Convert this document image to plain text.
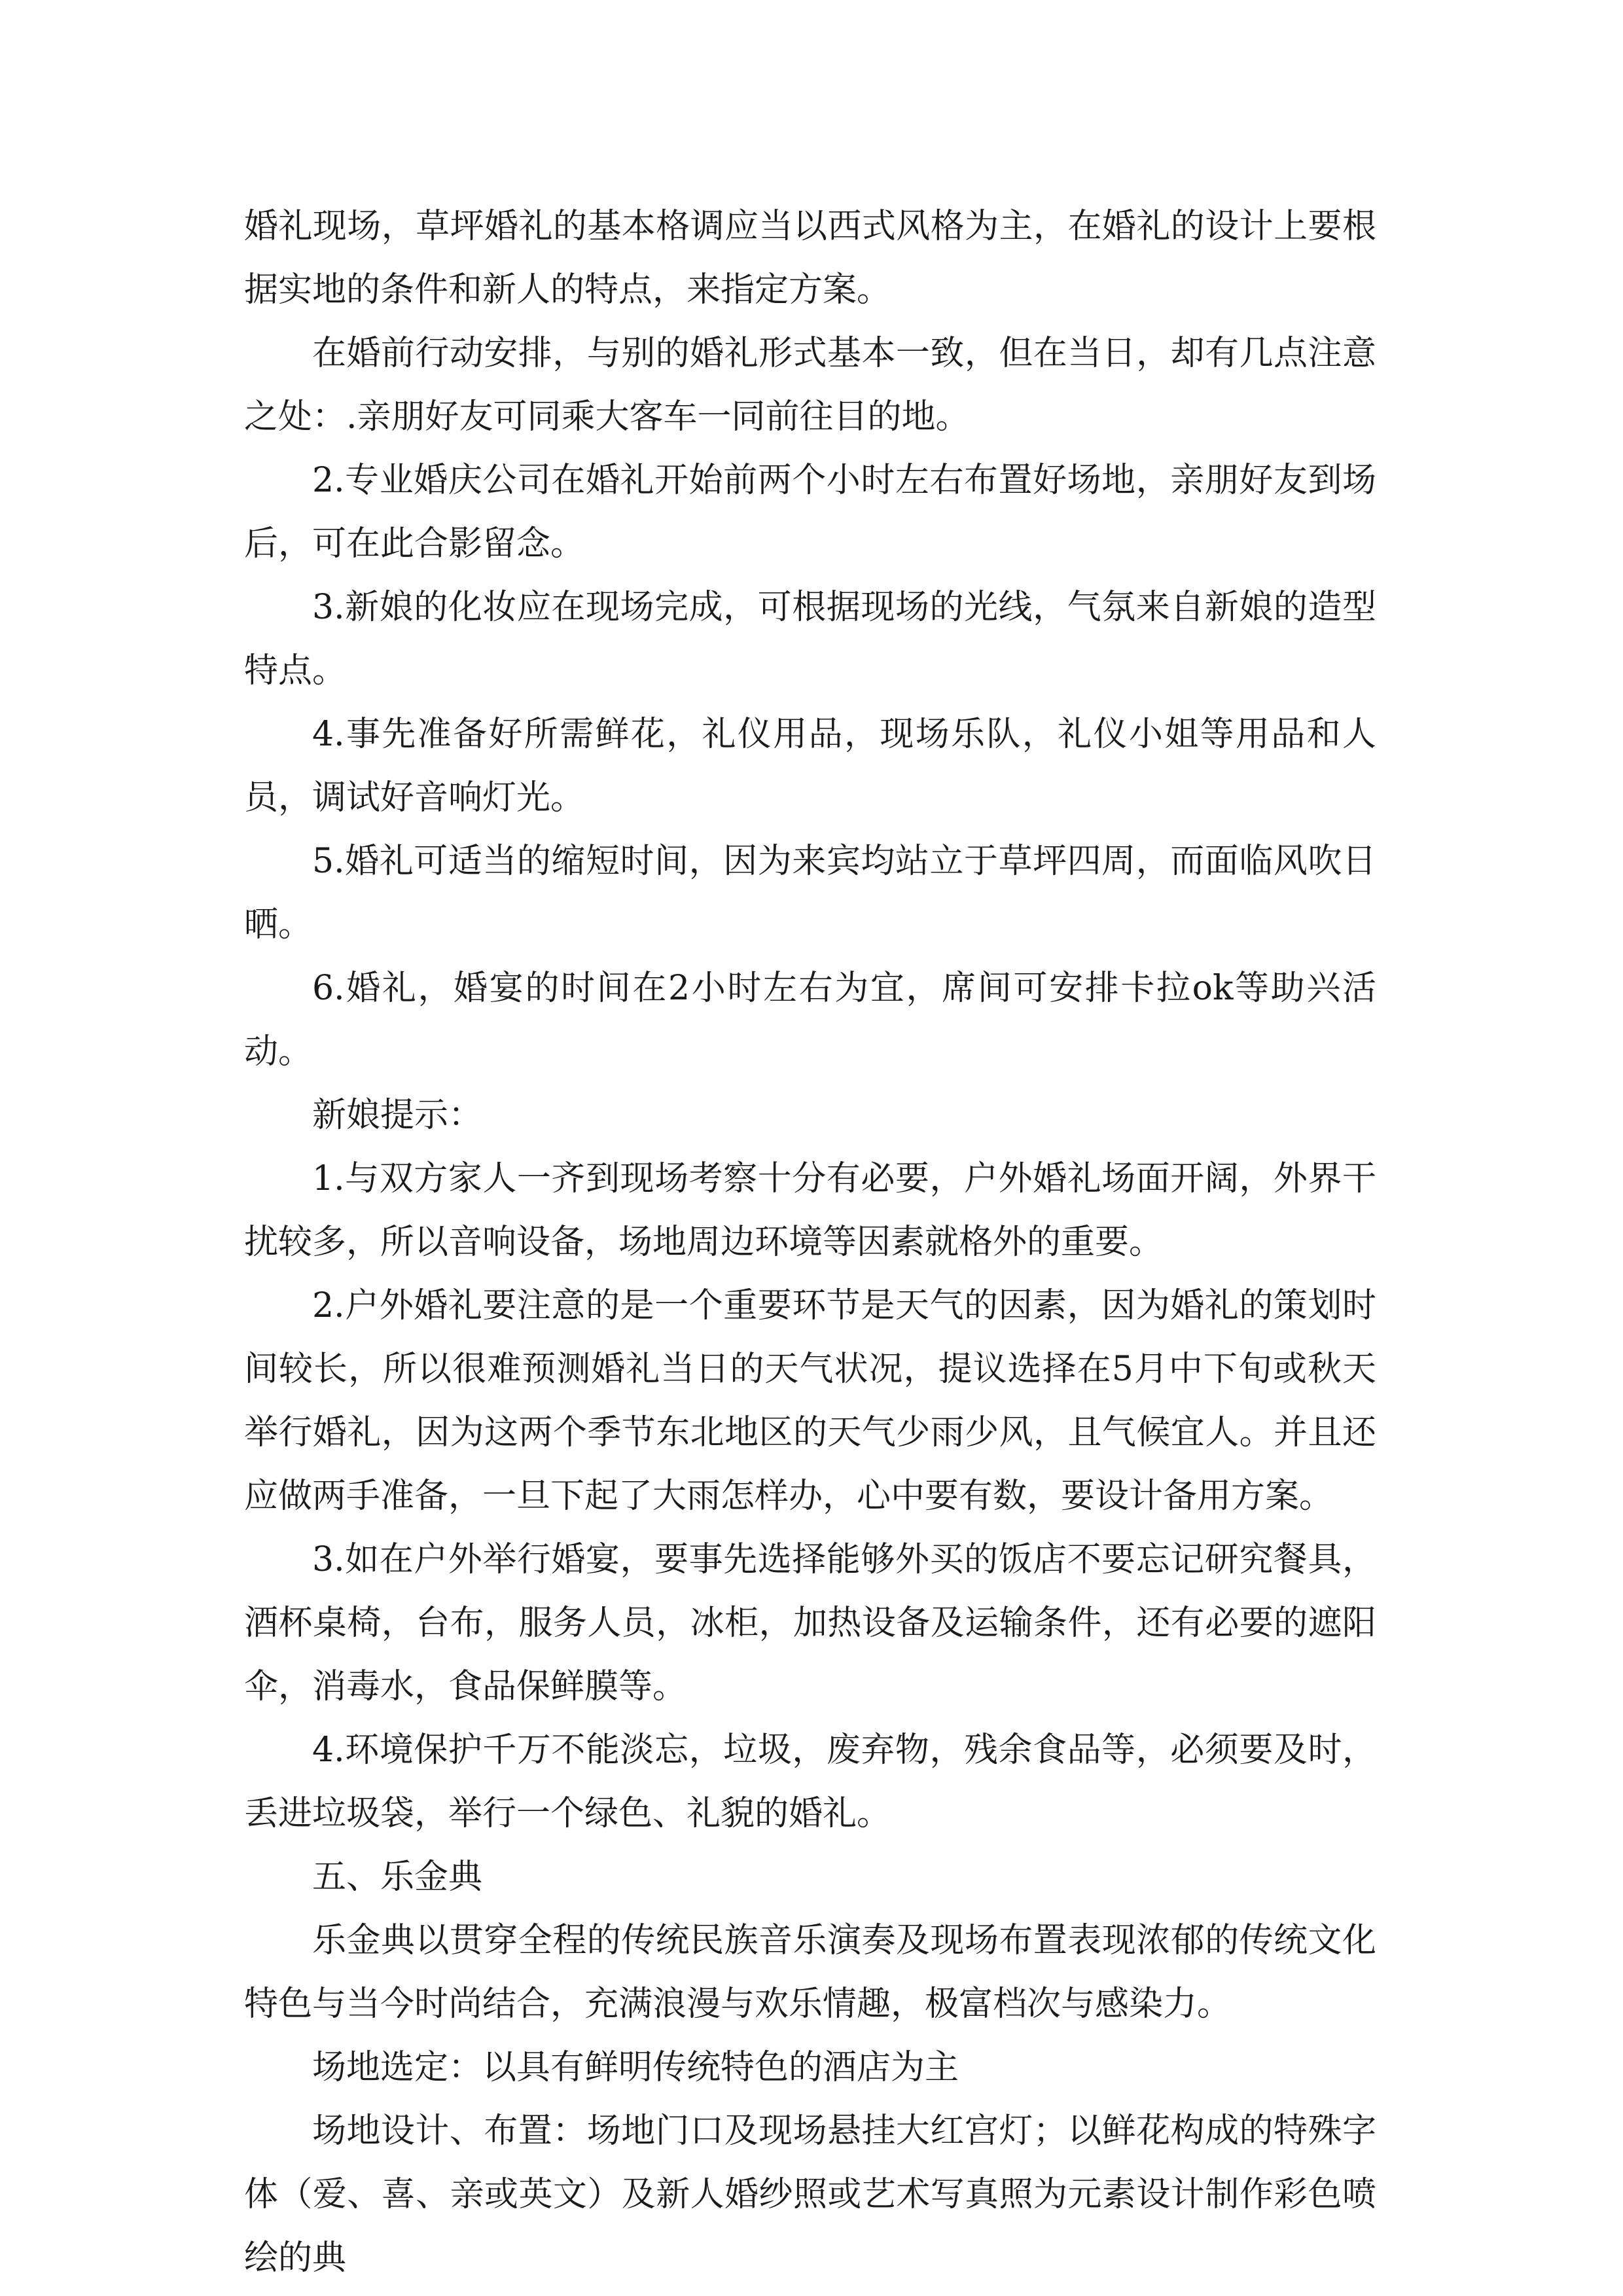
婚礼现场，草坪婚礼的基本格调应当以西式风格为主，在婚礼的设计上要根据实地的条件和新人的特点，来指定方案。

在婚前行动安排，与别的婚礼形式基本一致，但在当日，却有几点注意之处：.亲朋好友可同乘大客车一同前往目的地。

2.专业婚庆公司在婚礼开始前两个小时左右布置好场地，亲朋好友到场后，可在此合影留念。

3.新娘的化妆应在现场完成，可根据现场的光线，气氛来自新娘的造型特点。

4.事先准备好所需鲜花，礼仪用品，现场乐队，礼仪小姐等用品和人员，调试好音响灯光。

5.婚礼可适当的缩短时间，因为来宾均站立于草坪四周，而面临风吹日晒。

6.婚礼，婚宴的时间在2小时左右为宜，席间可安排卡拉ok等助兴活动。

新娘提示：

1.与双方家人一齐到现场考察十分有必要，户外婚礼场面开阔，外界干扰较多，所以音响设备，场地周边环境等因素就格外的重要。

2.户外婚礼要注意的是一个重要环节是天气的因素，因为婚礼的策划时间较长，所以很难预测婚礼当日的天气状况，提议选择在5月中下旬或秋天举行婚礼，因为这两个季节东北地区的天气少雨少风，且气候宜人。并且还应做两手准备，一旦下起了大雨怎样办，心中要有数，要设计备用方案。

3.如在户外举行婚宴，要事先选择能够外买的饭店不要忘记研究餐具，酒杯桌椅，台布，服务人员，冰柜，加热设备及运输条件，还有必要的遮阳伞，消毒水，食品保鲜膜等。

4.环境保护千万不能淡忘，垃圾，废弃物，残余食品等，必须要及时，丢进垃圾袋，举行一个绿色、礼貌的婚礼。

五、乐金典

乐金典以贯穿全程的传统民族音乐演奏及现场布置表现浓郁的传统文化特色与当今时尚结合，充满浪漫与欢乐情趣，极富档次与感染力。

场地选定：以具有鲜明传统特色的酒店为主

场地设计、布置：场地门口及现场悬挂大红宫灯；以鲜花构成的特殊字体（爱、喜、亲或英文）及新人婚纱照或艺术写真照为元素设计制作彩色喷绘的典
